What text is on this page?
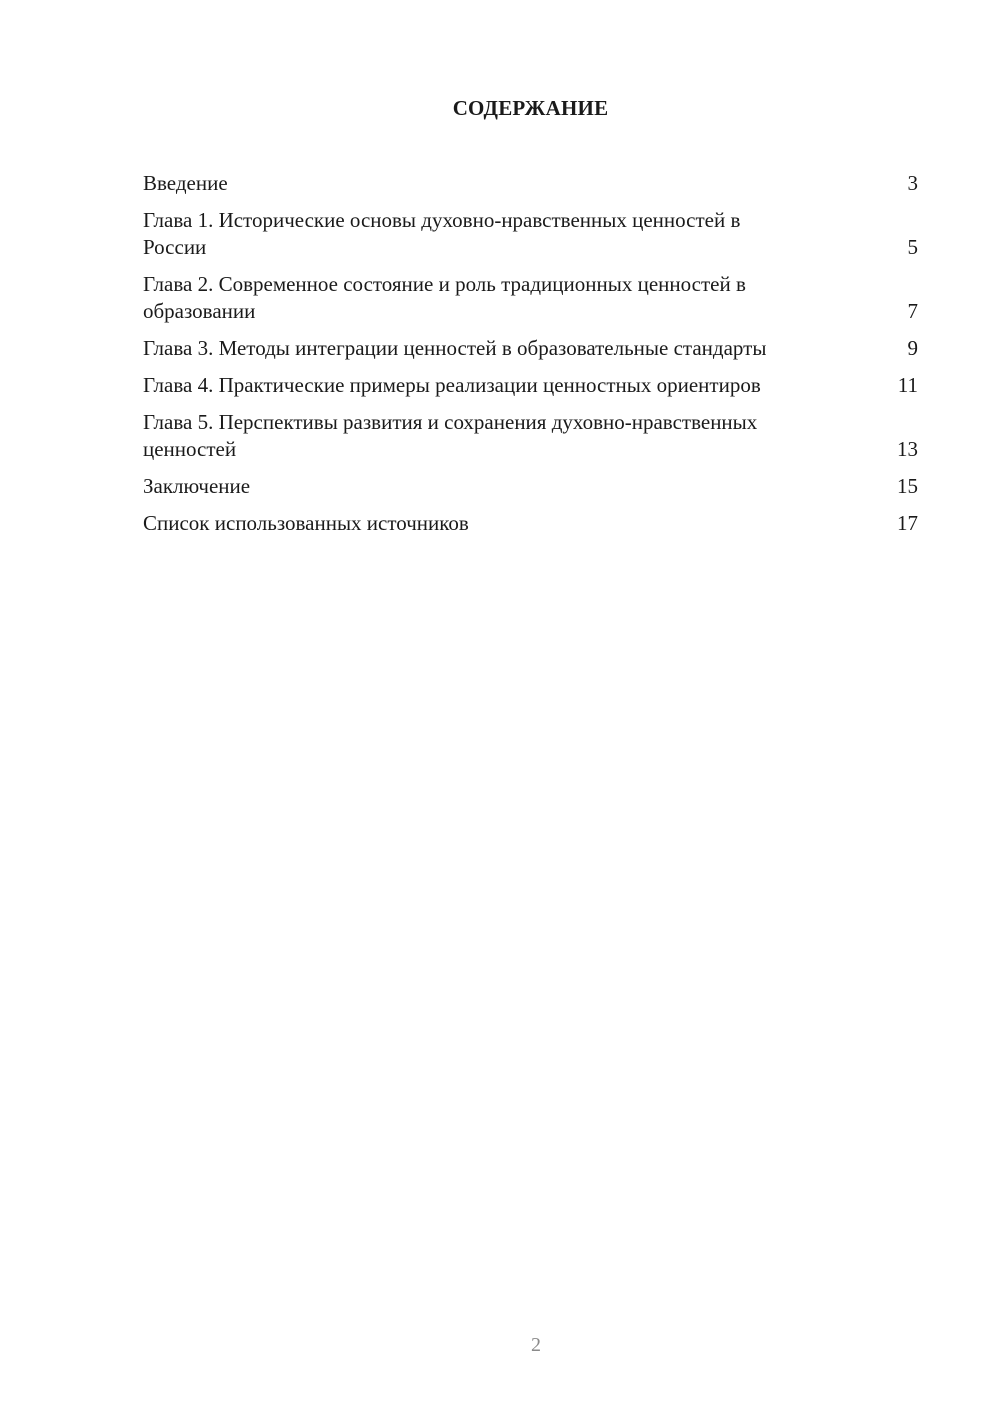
СОДЕРЖАНИЕ
Введение	3
Глава 1. Исторические основы духовно-нравственных ценностей в России	5
Глава 2. Современное состояние и роль традиционных ценностей в образовании	7
Глава 3. Методы интеграции ценностей в образовательные стандарты	9
Глава 4. Практические примеры реализации ценностных ориентиров	11
Глава 5. Перспективы развития и сохранения духовно-нравственных ценностей	13
Заключение	15
Список использованных источников	17
2
